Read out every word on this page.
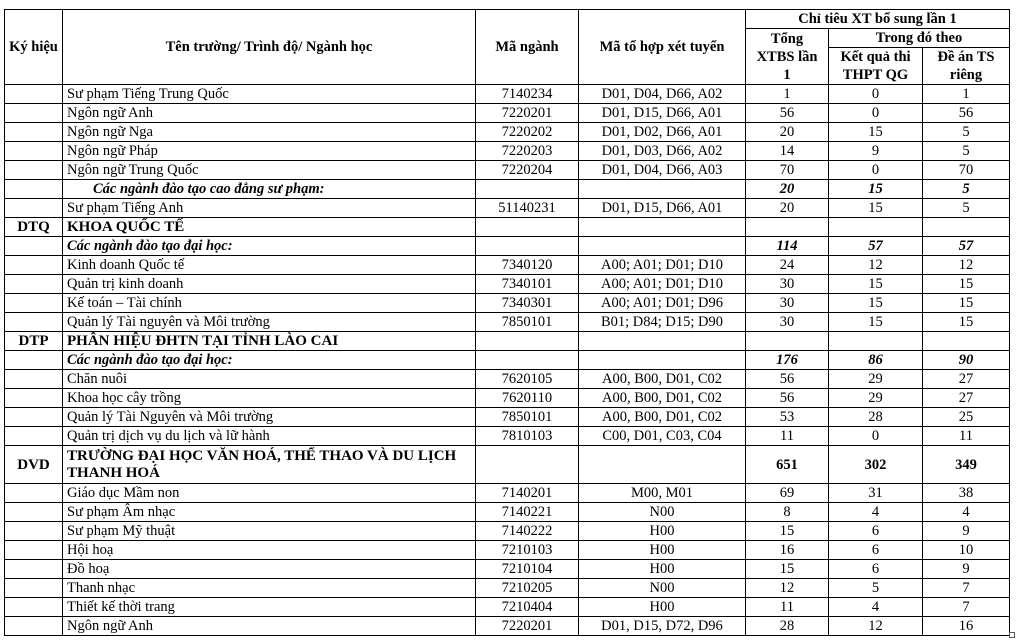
Ký hiệu	Tên trường/ Trình độ/ Ngành học	Mã ngành	Mã tổ hợp xét tuyển	Chỉ tiêu XT bổ sung lần 1		
				Tổng XTBS lần 1	Trong đó theo	
					Kết quả thi THPT QG	Đề án TS riêng
	Sư phạm Tiếng Trung Quốc	7140234	D01, D04, D66, A02	1	0	1
	Ngôn ngữ Anh	7220201	D01, D15, D66, A01	56	0	56
	Ngôn ngữ Nga	7220202	D01, D02, D66, A01	20	15	5
	Ngôn ngữ Pháp	7220203	D01, D03, D66, A02	14	9	5
	Ngôn ngữ Trung Quốc	7220204	D01, D04, D66, A03	70	0	70
	Các ngành đào tạo cao đẳng sư phạm:			20	15	5
	Sư phạm Tiếng Anh	51140231	D01, D15, D66, A01	20	15	5
DTQ	KHOA QUỐC TẾ					
	Các ngành đào tạo đại học:			114	57	57
	Kinh doanh Quốc tế	7340120	A00; A01; D01; D10	24	12	12
	Quản trị kinh doanh	7340101	A00; A01; D01; D10	30	15	15
	Kế toán – Tài chính	7340301	A00; A01; D01; D96	30	15	15
	Quản lý Tài nguyên và Môi trường	7850101	B01; D84; D15; D90	30	15	15
DTP	PHÂN HIỆU ĐHTN TẠI TỈNH LÀO CAI					
	Các ngành đào tạo đại học:			176	86	90
	Chăn nuôi	7620105	A00, B00, D01, C02	56	29	27
	Khoa học cây trồng	7620110	A00, B00, D01, C02	56	29	27
	Quản lý Tài Nguyên và Môi trường	7850101	A00, B00, D01, C02	53	28	25
	Quản trị dịch vụ du lịch và lữ hành	7810103	C00, D01, C03, C04	11	0	11
DVD	TRƯỜNG ĐẠI HỌC VĂN HOÁ, THỂ THAO VÀ DU LỊCH THANH HOÁ			651	302	349
	Giáo dục Mầm non	7140201	M00, M01	69	31	38
	Sư phạm Âm nhạc	7140221	N00	8	4	4
	Sư phạm Mỹ thuật	7140222	H00	15	6	9
	Hội hoạ	7210103	H00	16	6	10
	Đồ hoạ	7210104	H00	15	6	9
	Thanh nhạc	7210205	N00	12	5	7
	Thiết kế thời trang	7210404	H00	11	4	7
	Ngôn ngữ Anh	7220201	D01, D15, D72, D96	28	12	16
